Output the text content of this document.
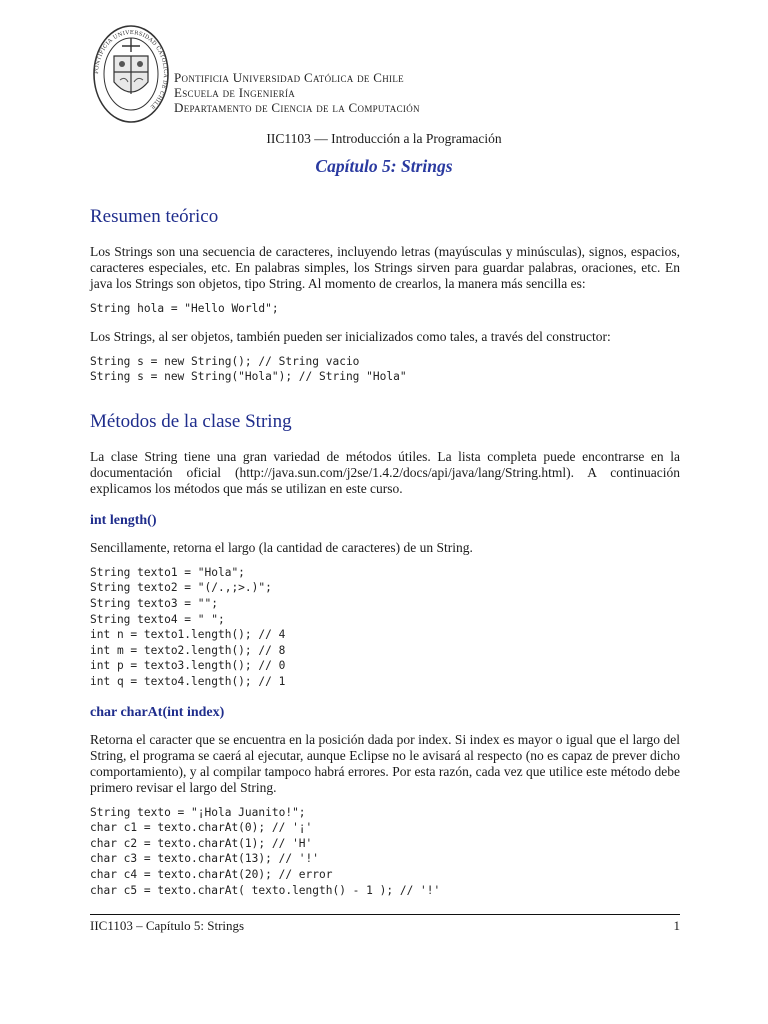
PONTIFICIA UNIVERSIDAD CATÓLICA DE CHILE
Pontificia Universidad Católica de Chile
Escuela de Ingeniería
Departamento de Ciencia de la Computación
IIC1103 — Introducción a la Programación
Capítulo 5: Strings
Resumen teórico

Los Strings son una secuencia de caracteres, incluyendo letras (mayúsculas y minúsculas), signos, espacios, caracteres especiales, etc. En palabras simples, los Strings sirven para guardar palabras, oraciones, etc. En java los Strings son objetos, tipo String. Al momento de crearlos, la manera más sencilla es:

String hola = "Hello World";

Los Strings, al ser objetos, también pueden ser inicializados como tales, a través del constructor:

String s = new String(); // String vacio
String s = new String("Hola"); // String "Hola"
Métodos de la clase String

La clase String tiene una gran variedad de métodos útiles. La lista completa puede encontrarse en la documentación oficial (http://java.sun.com/j2se/1.4.2/docs/api/java/lang/String.html). A continuación explicamos los métodos que más se utilizan en este curso.

int length()

Sencillamente, retorna el largo (la cantidad de caracteres) de un String.

String texto1 = "Hola";
String texto2 = "(/.,;>.)";
String texto3 = "";
String texto4 = " ";
int n = texto1.length(); // 4
int m = texto2.length(); // 8
int p = texto3.length(); // 0
int q = texto4.length(); // 1
char charAt(int index)

Retorna el caracter que se encuentra en la posición dada por index. Si index es mayor o igual que el largo del String, el programa se caerá al ejecutar, aunque Eclipse no le avisará al respecto (no es capaz de prever dicho comportamiento), y al compilar tampoco habrá errores. Por esta razón, cada vez que utilice este método debe primero revisar el largo del String.

String texto = "¡Hola Juanito!";
char c1 = texto.charAt(0); // '¡'
char c2 = texto.charAt(1); // 'H'
char c3 = texto.charAt(13); // '!'
char c4 = texto.charAt(20); // error
char c5 = texto.charAt( texto.length() - 1 ); // '!'
IIC1103 – Capítulo 5: Strings	1
